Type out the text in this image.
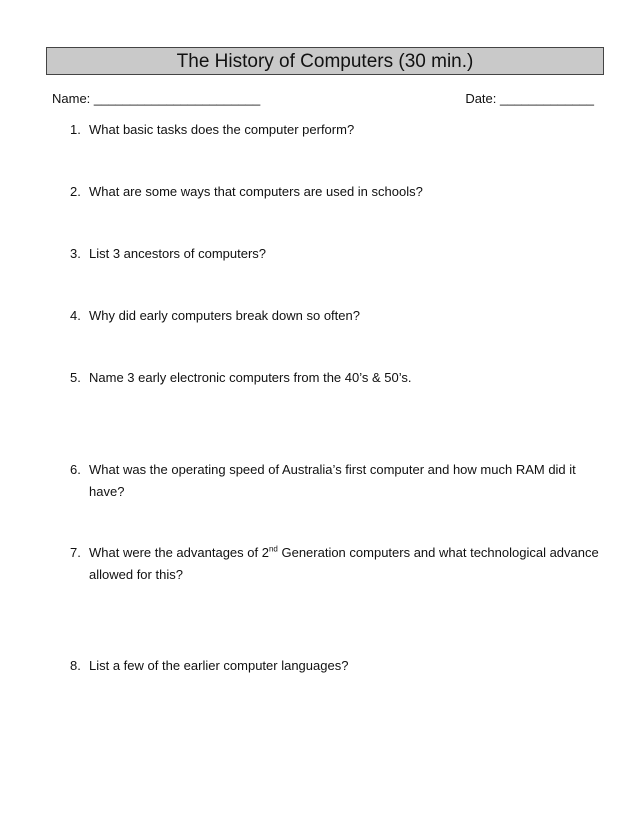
The History of Computers (30 min.)
Name: _______________________	Date: _____________
1. What basic tasks does the computer perform?
2. What are some ways that computers are used in schools?
3. List 3 ancestors of computers?
4. Why did early computers break down so often?
5. Name 3 early electronic computers from the 40’s & 50’s.
6. What was the operating speed of Australia’s first computer and how much RAM did it have?
7. What were the advantages of 2nd Generation computers and what technological advance allowed for this?
8. List a few of the earlier computer languages?
